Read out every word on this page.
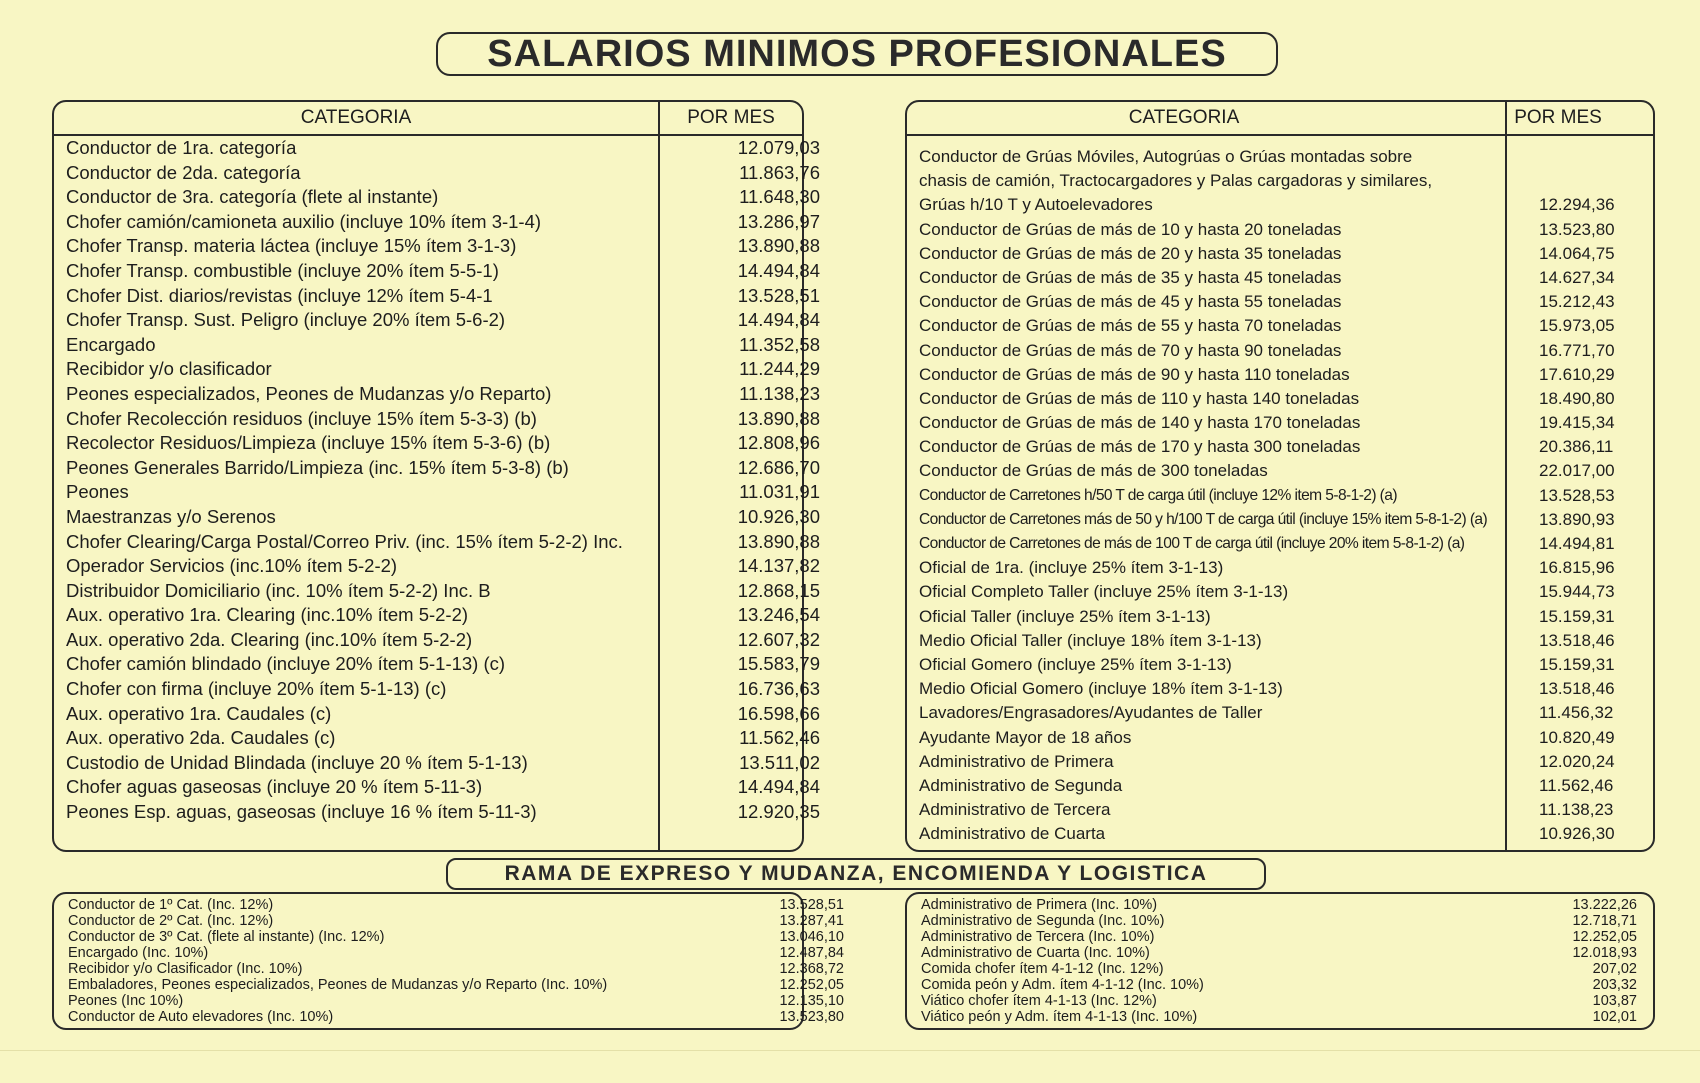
SALARIOS MINIMOS PROFESIONALES
CATEGORIA	POR MES
Conductor de 1ra. categoría	12.079,03
Conductor de 2da. categoría	11.863,76
Conductor de 3ra. categoría (flete al instante)	11.648,30
Chofer camión/camioneta auxilio (incluye 10% ítem 3-1-4)	13.286,97
Chofer Transp. materia láctea (incluye 15% ítem 3-1-3)	13.890,88
Chofer Transp. combustible (incluye 20% ítem 5-5-1)	14.494,84
Chofer Dist. diarios/revistas (incluye 12% ítem 5-4-1	13.528,51
Chofer Transp. Sust. Peligro (incluye 20% ítem 5-6-2)	14.494,84
Encargado	11.352,58
Recibidor y/o clasificador	11.244,29
Peones especializados, Peones de Mudanzas y/o Reparto)	11.138,23
Chofer Recolección residuos (incluye 15% ítem 5-3-3) (b)	13.890,88
Recolector Residuos/Limpieza (incluye 15% ítem 5-3-6) (b)	12.808,96
Peones Generales Barrido/Limpieza (inc. 15% ítem 5-3-8) (b)	12.686,70
Peones	11.031,91
Maestranzas y/o Serenos	10.926,30
Chofer Clearing/Carga Postal/Correo Priv. (inc. 15% ítem 5-2-2) Inc.	13.890,88
Operador Servicios (inc.10% ítem 5-2-2)	14.137,82
Distribuidor Domiciliario (inc. 10% ítem 5-2-2) Inc. B	12.868,15
Aux. operativo 1ra. Clearing (inc.10% ítem 5-2-2)	13.246,54
Aux. operativo 2da. Clearing (inc.10% ítem 5-2-2)	12.607,32
Chofer camión blindado (incluye 20% ítem 5-1-13) (c)	15.583,79
Chofer con firma (incluye 20% ítem 5-1-13) (c)	16.736,63
Aux. operativo 1ra. Caudales (c)	16.598,66
Aux. operativo 2da. Caudales (c)	11.562,46
Custodio de Unidad Blindada (incluye 20 % ítem 5-1-13)	13.511,02
Chofer aguas gaseosas (incluye 20 % ítem 5-11-3)	14.494,84
Peones Esp. aguas, gaseosas (incluye 16 % ítem 5-11-3)	12.920,35
CATEGORIA	POR MES
Conductor de Grúas Móviles, Autogrúas o Grúas montadas sobre
chasis de camión, Tractocargadores y Palas cargadoras y similares,
Grúas h/10 T y Autoelevadores	12.294,36
Conductor de Grúas de más de 10 y hasta 20 toneladas	13.523,80
Conductor de Grúas de más de 20 y hasta 35 toneladas	14.064,75
Conductor de Grúas de más de 35 y hasta 45 toneladas	14.627,34
Conductor de Grúas de más de 45 y hasta 55 toneladas	15.212,43
Conductor de Grúas de más de 55 y hasta 70 toneladas	15.973,05
Conductor de Grúas de más de 70 y hasta 90 toneladas	16.771,70
Conductor de Grúas de más de 90 y hasta 110 toneladas	17.610,29
Conductor de Grúas de más de 110 y hasta 140 toneladas	18.490,80
Conductor de Grúas de más de 140 y hasta 170 toneladas	19.415,34
Conductor de Grúas de más de 170 y hasta 300 toneladas	20.386,11
Conductor de Grúas de más de 300 toneladas	22.017,00
Conductor de Carretones h/50 T de carga útil (incluye 12% item 5-8-1-2) (a)	13.528,53
Conductor de Carretones más de 50 y h/100 T de carga útil (incluye 15% item 5-8-1-2) (a)	13.890,93
Conductor de Carretones de más de 100 T de carga útil (incluye 20% item 5-8-1-2) (a)	14.494,81
Oficial de 1ra. (incluye 25% ítem 3-1-13)	16.815,96
Oficial Completo Taller (incluye 25% ítem 3-1-13)	15.944,73
Oficial Taller (incluye 25% ítem 3-1-13)	15.159,31
Medio Oficial Taller (incluye 18% ítem 3-1-13)	13.518,46
Oficial Gomero (incluye 25% ítem 3-1-13)	15.159,31
Medio Oficial Gomero (incluye 18% ítem 3-1-13)	13.518,46
Lavadores/Engrasadores/Ayudantes de Taller	11.456,32
Ayudante Mayor de 18 años	10.820,49
Administrativo de Primera	12.020,24
Administrativo de Segunda	11.562,46
Administrativo de Tercera	11.138,23
Administrativo de Cuarta	10.926,30
RAMA DE EXPRESO Y MUDANZA, ENCOMIENDA Y LOGISTICA
Conductor de 1º Cat. (Inc. 12%)	13.528,51
Conductor de 2º Cat. (Inc. 12%)	13.287,41
Conductor de 3º Cat. (flete al instante) (Inc. 12%)	13.046,10
Encargado (Inc. 10%)	12.487,84
Recibidor y/o Clasificador (Inc. 10%)	12.368,72
Embaladores, Peones especializados, Peones de Mudanzas y/o Reparto (Inc. 10%)	12.252,05
Peones (Inc 10%)	12.135,10
Conductor de Auto elevadores (Inc. 10%)	13.523,80
Administrativo de Primera (Inc. 10%)	13.222,26
Administrativo de Segunda (Inc. 10%)	12.718,71
Administrativo de Tercera (Inc. 10%)	12.252,05
Administrativo de Cuarta (Inc. 10%)	12.018,93
Comida chofer ítem 4-1-12 (Inc. 12%)	207,02
Comida peón y Adm. ítem 4-1-12 (Inc. 10%)	203,32
Viático chofer ítem 4-1-13 (Inc. 12%)	103,87
Viático peón y Adm. ítem 4-1-13 (Inc. 10%)	102,01
